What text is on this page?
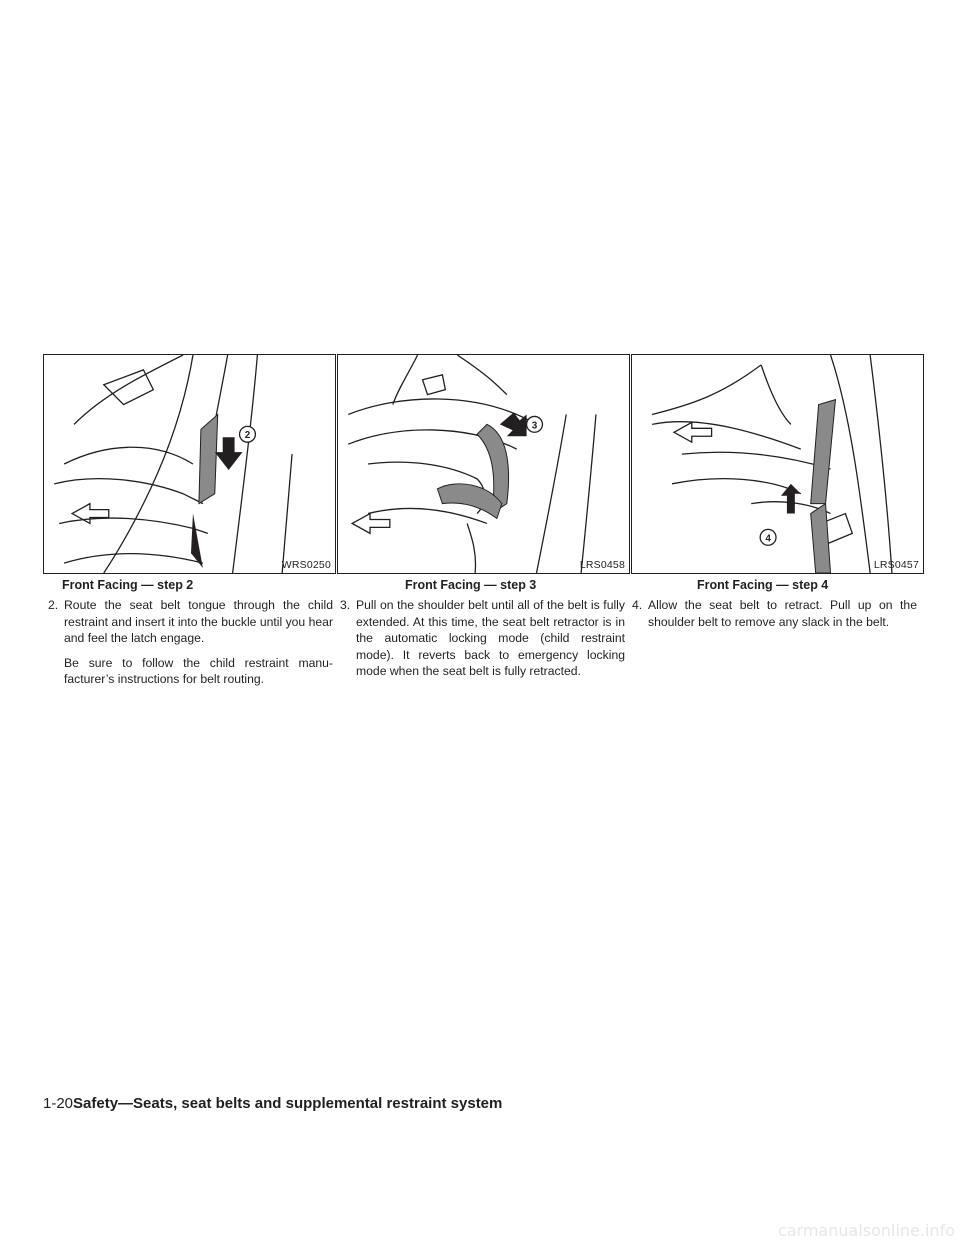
2
WRS0250
3
LRS0458
4
LRS0457
Front Facing — step 2	Front Facing — step 3	Front Facing — step 4
2. Route the seat belt tongue through the child restraint and insert it into the buckle until you hear and feel the latch engage.
Be sure to follow the child restraint manu-facturer’s instructions for belt routing.
3. Pull on the shoulder belt until all of the belt is fully extended. At this time, the seat belt retractor is in the automatic locking mode (child restraint mode). It reverts back to emergency locking mode when the seat belt is fully retracted.
4. Allow the seat belt to retract. Pull up on the shoulder belt to remove any slack in the belt.
1-20Safety—Seats, seat belts and supplemental restraint system
carmanualsonline.info
